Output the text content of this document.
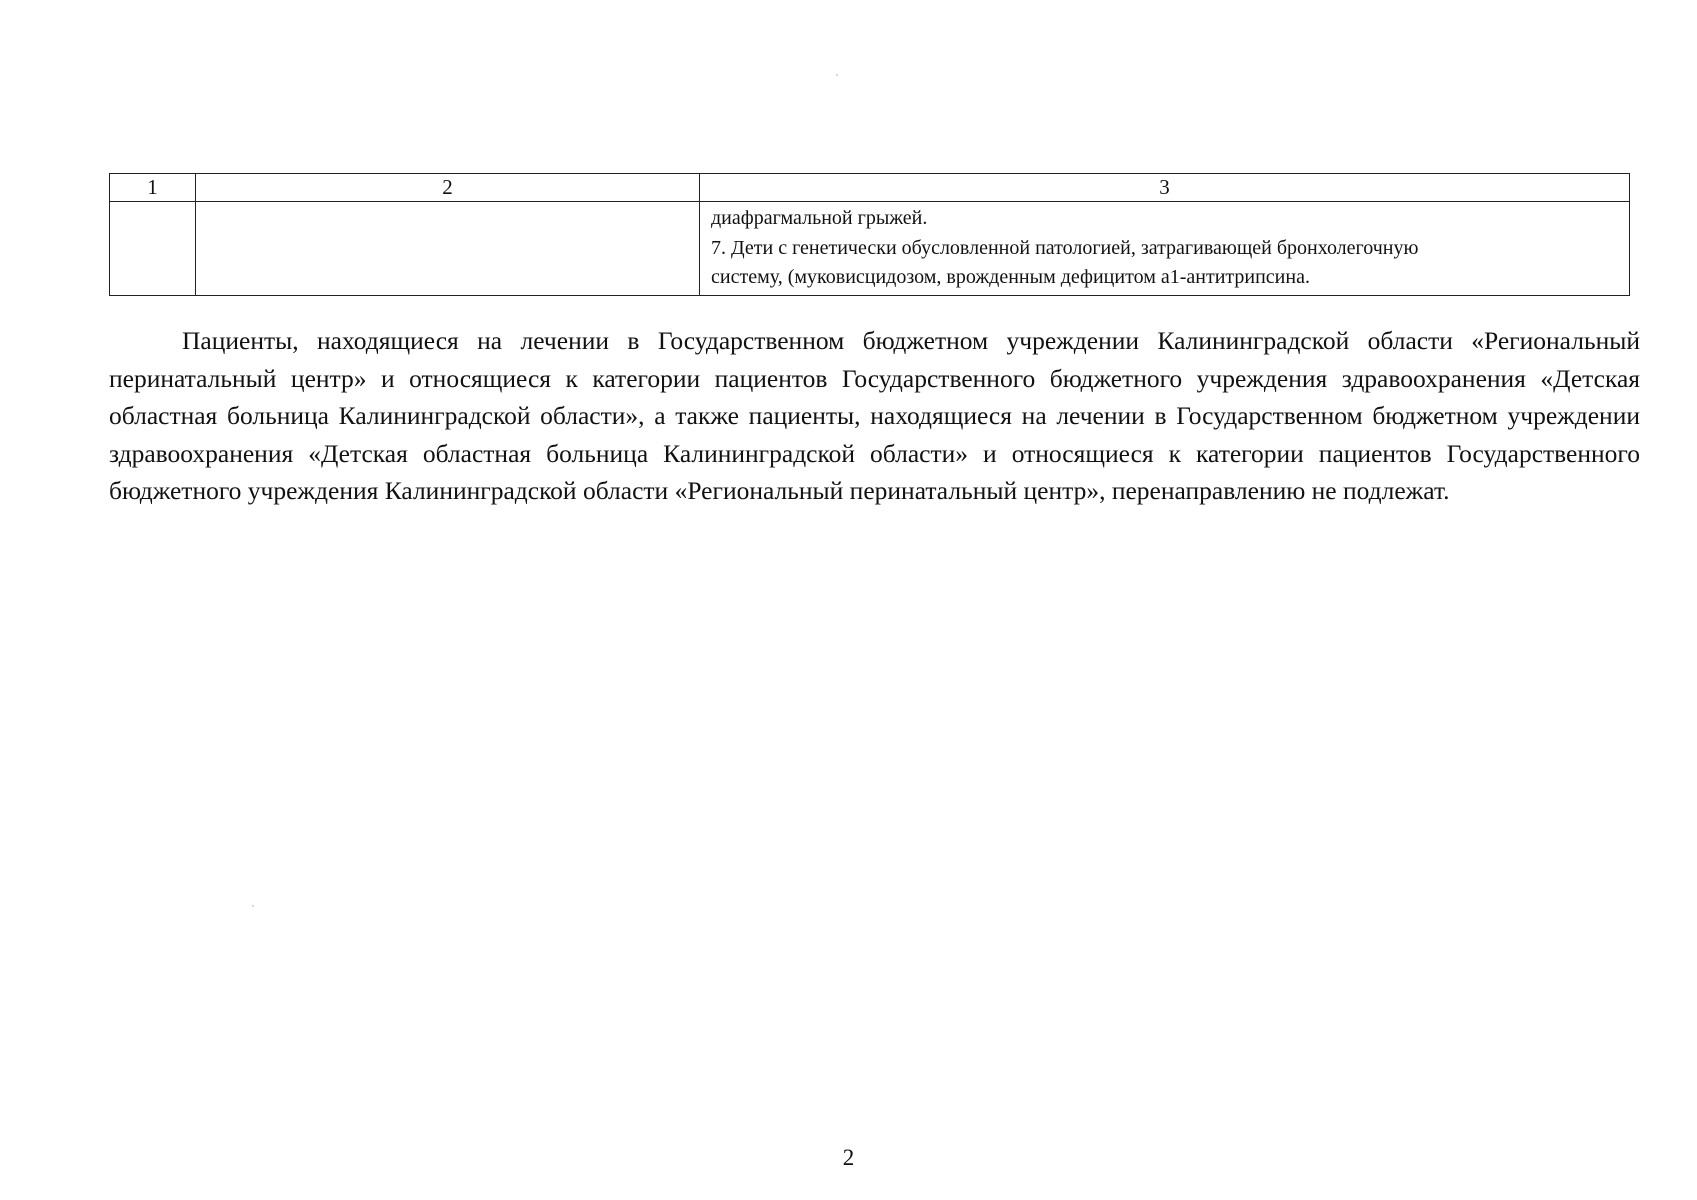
1	2	3

		диафрагмальной грыжей.
7. Дети с генетически обусловленной патологией, затрагивающей бронхолегочную
систему, (муковисцидозом, врожденным дефицитом а1-антитрипсина.

Пациенты, находящиеся на лечении в Государственном бюджетном учреждении Калининградской области «Региональный перинатальный центр» и относящиеся к категории пациентов Государственного бюджетного учреждения здравоохранения «Детская областная больница Калининградской области», а также пациенты, находящиеся на лечении в Государственном бюджетном учреждении здравоохранения «Детская областная больница Калининградской области» и относящиеся к категории пациентов Государственного бюджетного учреждения Калининградской области «Региональный перинатальный центр», перенаправлению не подлежат.

2
